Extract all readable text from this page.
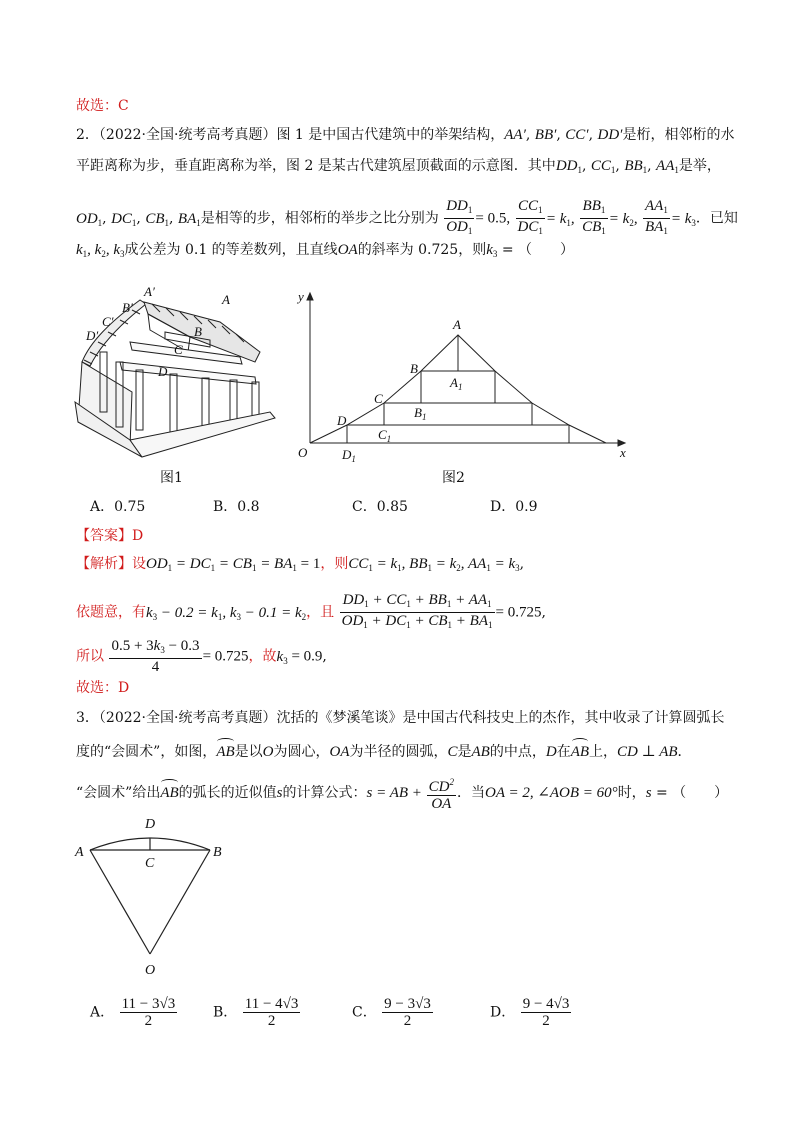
故选：C
2．（2022·全国·统考高考真题）图 1 是中国古代建筑中的举架结构，AA′, BB′, CC′, DD′是桁，相邻桁的水
平距离称为步，垂直距离称为举，图 2 是某古代建筑屋顶截面的示意图．其中$DD_1$, $CC_1$, $BB_1$, $AA_1$是举，
$OD_1$, $DC_1$, $CB_1$, $BA_1$是相等的步，相邻桁的举步之比分别为 $\frac{DD_1}{OD_1} = 0.5$, $\frac{CC_1}{DC_1} = k_1$, $\frac{BB_1}{CB_1} = k_2$, $\frac{AA_1}{BA_1} = k_3$．已知
$k_1$, $k_2$, $k_3$成公差为 0.1 的等差数列，且直线OA的斜率为 0.725，则$k_3$ = （　　）
A′
B′
C′
D′
A
B
C
D
图1
y
x
O
A
B
C
D
$A_1$
$B_1$
$C_1$
$D_1$
图2
A．0.75	B．0.8	C．0.85	D．0.9
【答案】D
【解析】设$OD_1 = DC_1 = CB_1 = BA_1 = 1$，则$CC_1 = k_1$, $BB_1 = k_2$, $AA_1 = k_3$,
依题意，有$k_3 - 0.2 = k_1$, $k_3 - 0.1 = k_2$，且 $\frac{DD_1 + CC_1 + BB_1 + AA_1}{OD_1 + DC_1 + CB_1 + BA_1} = 0.725$,
所以 $\frac{0.5 + 3k_3 - 0.3}{4} = 0.725$，故$k_3 = 0.9$,
故选：D
3．（2022·全国·统考高考真题）沈括的《梦溪笔谈》是中国古代科技史上的杰作，其中收录了计算圆弧长
度的“会圆术”，如图，AB是以O为圆心，OA为半径的圆弧，C是AB的中点，D在AB上，CD ⊥ AB．
“会圆术”给出AB的弧长的近似值s的计算公式：s = AB + $\frac{CD^2}{OA}$ ．当OA = 2, ∠AOB = 60°时，s = （　　）
A	B
C
D
O
A． $\frac{11 - 3√3}{2}$	B． $\frac{11 - 4√3}{2}$	C． $\frac{9 - 3√3}{2}$	D． $\frac{9 - 4√3}{2}$
